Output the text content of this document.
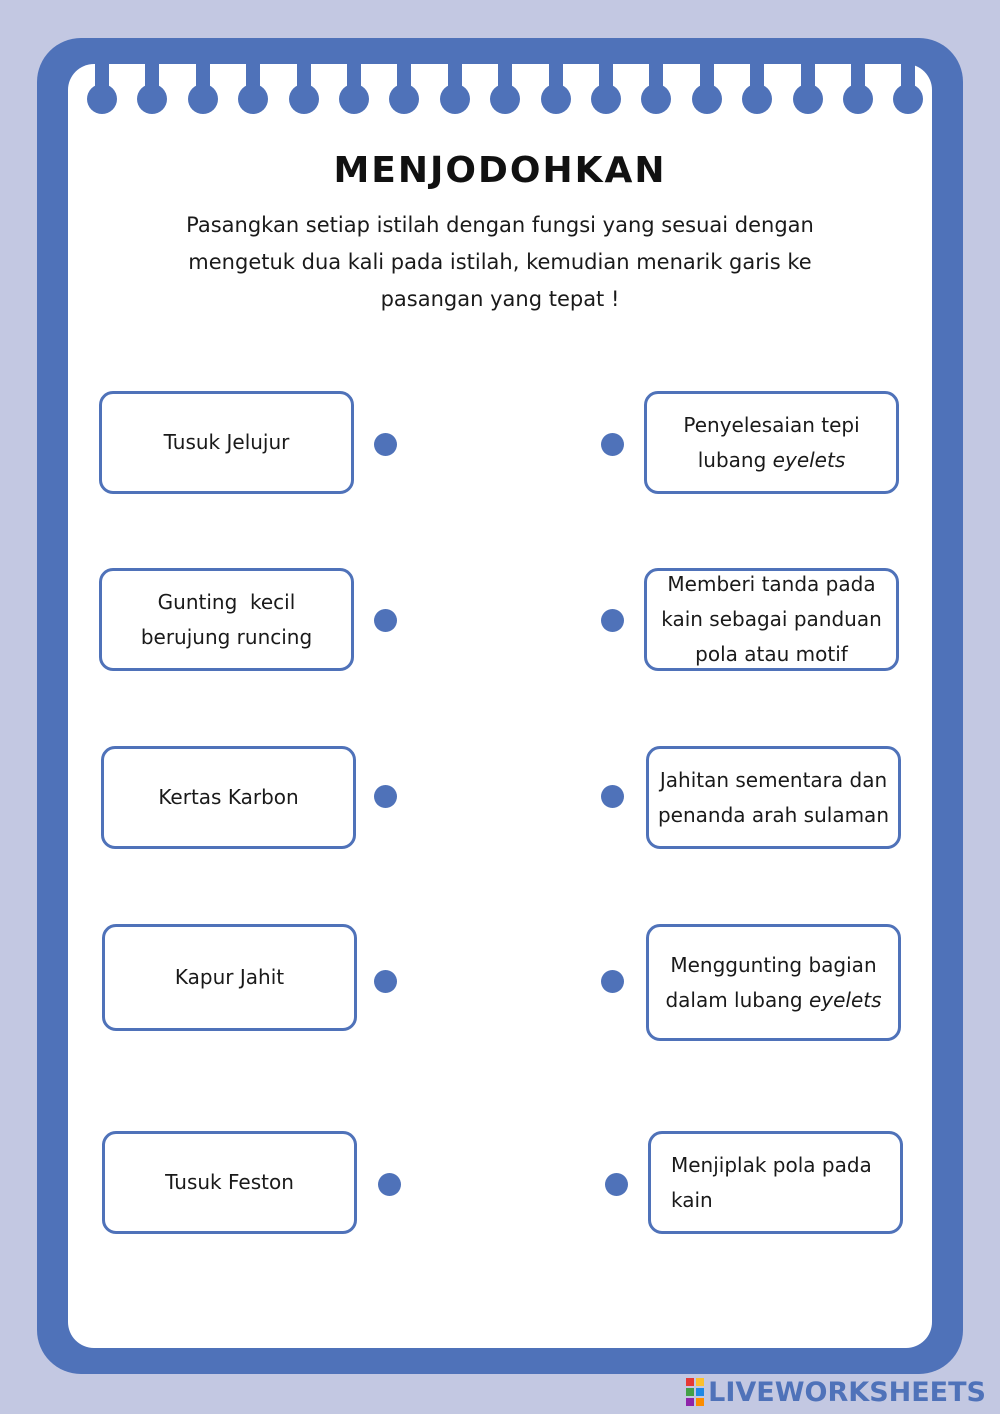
MENJODOHKAN
Pasangkan setiap istilah dengan fungsi yang sesuai dengan
mengetuk dua kali pada istilah, kemudian menarik garis ke
pasangan yang tepat !
Tusuk Jelujur
Gunting  kecil
berujung runcing
Kertas Karbon
Kapur Jahit
Tusuk Feston
Penyelesaian tepi
lubang eyelets
Memberi tanda pada
kain sebagai panduan
pola atau motif
Jahitan sementara dan
penanda arah sulaman
Menggunting bagian
dalam lubang eyelets
Menjiplak pola pada
kain
LIVEWORKSHEETS
